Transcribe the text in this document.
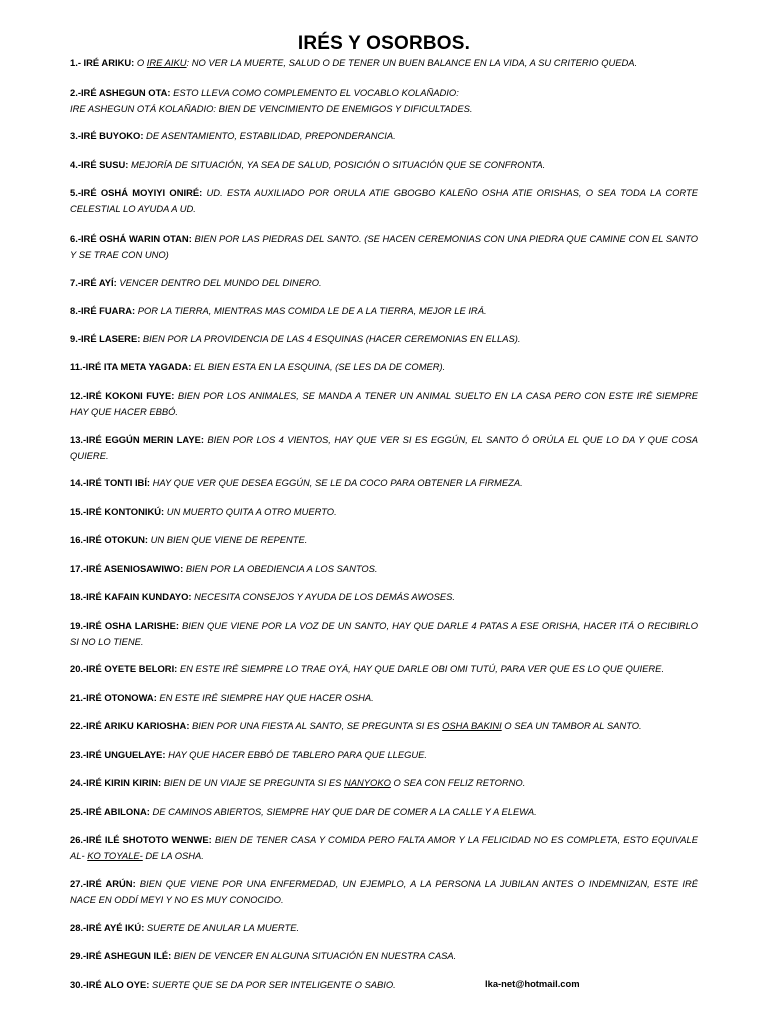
IRÉS Y OSORBOS.
1.- IRÉ ARIKU: O IRE AIKU: NO VER LA MUERTE, SALUD O DE TENER UN BUEN BALANCE EN LA VIDA, A SU CRITERIO QUEDA.
2.-IRÉ ASHEGUN OTA: ESTO LLEVA COMO COMPLEMENTO EL VOCABLO KOLAÑADIO:
IRE ASHEGUN OTÁ KOLAÑADIO: BIEN DE VENCIMIENTO DE ENEMIGOS Y DIFICULTADES.
3.-IRÉ BUYOKO: DE ASENTAMIENTO, ESTABILIDAD, PREPONDERANCIA.
4.-IRÉ SUSU: MEJORÍA DE SITUACIÓN, YA SEA DE SALUD, POSICIÓN O SITUACIÓN QUE SE CONFRONTA.
5.-IRÉ OSHÁ MOYIYI ONIRÉ: UD. ESTA AUXILIADO POR ORULA ATIE GBOGBO KALEÑO OSHA ATIE ORISHAS, O SEA TODA LA CORTE CELESTIAL LO AYUDA A UD.
6.-IRÉ OSHÁ WARIN OTAN: BIEN POR LAS PIEDRAS DEL SANTO. (SE HACEN CEREMONIAS CON UNA PIEDRA QUE CAMINE CON EL SANTO Y SE TRAE CON UNO)
7.-IRÉ AYÍ: VENCER DENTRO DEL MUNDO DEL DINERO.
8.-IRÉ FUARA: POR LA TIERRA, MIENTRAS MAS COMIDA LE DE A LA TIERRA, MEJOR LE IRÁ.
9.-IRÉ LASERE: BIEN POR LA PROVIDENCIA DE LAS 4 ESQUINAS (HACER CEREMONIAS EN ELLAS).
11.-IRÉ ITA META YAGADA: EL BIEN ESTA EN LA ESQUINA, (SE LES DA DE COMER).
12.-IRÉ KOKONI FUYE: BIEN POR LOS ANIMALES, SE MANDA A TENER UN ANIMAL SUELTO EN LA CASA PERO CON ESTE IRÉ SIEMPRE HAY QUE HACER EBBÓ.
13.-IRÉ EGGÚN MERIN LAYE: BIEN POR LOS 4 VIENTOS, HAY QUE VER SI ES EGGÚN, EL SANTO Ó ORÚLA EL QUE LO DA Y QUE COSA QUIERE.
14.-IRÉ TONTI IBÍ: HAY QUE VER QUE DESEA EGGÚN, SE LE DA COCO PARA OBTENER LA FIRMEZA.
15.-IRÉ KONTONIKÚ: UN MUERTO QUITA A OTRO MUERTO.
16.-IRÉ OTOKUN: UN BIEN QUE VIENE DE REPENTE.
17.-IRÉ ASENIOSAWIWO: BIEN POR LA OBEDIENCIA A LOS SANTOS.
18.-IRÉ KAFAIN KUNDAYO: NECESITA CONSEJOS Y AYUDA DE LOS DEMÁS AWOSES.
19.-IRÉ OSHA LARISHE: BIEN QUE VIENE POR LA VOZ DE UN SANTO, HAY QUE DARLE 4 PATAS A ESE ORISHA, HACER ITÁ O RECIBIRLO SI NO LO TIENE.
20.-IRÉ OYETE BELORI: EN ESTE IRÉ SIEMPRE LO TRAE OYÁ, HAY QUE DARLE OBI OMI TUTÚ, PARA VER QUE ES LO QUE QUIERE.
21.-IRÉ OTONOWA: EN ESTE IRÉ SIEMPRE HAY QUE HACER OSHA.
22.-IRÉ ARIKU KARIOSHA: BIEN POR UNA FIESTA AL SANTO, SE PREGUNTA SI ES OSHA BAKINI O SEA UN TAMBOR AL SANTO.
23.-IRÉ UNGUELAYE: HAY QUE HACER EBBÓ DE TABLERO PARA QUE LLEGUE.
24.-IRÉ KIRIN KIRIN: BIEN DE UN VIAJE SE PREGUNTA SI ES NANYOKO O SEA CON FELIZ RETORNO.
25.-IRÉ ABILONA: DE CAMINOS ABIERTOS, SIEMPRE HAY QUE DAR DE COMER A LA CALLE Y A ELEWA.
26.-IRÉ ILÉ SHOTOTO WENWE: BIEN DE TENER CASA Y COMIDA PERO FALTA AMOR Y LA FELICIDAD NO ES COMPLETA, ESTO EQUIVALE AL- KO TOYALE- DE LA OSHA.
27.-IRÉ ARÚN: BIEN QUE VIENE POR UNA ENFERMEDAD, UN EJEMPLO, A LA PERSONA LA JUBILAN ANTES O INDEMNIZAN, ESTE IRÉ NACE EN ODDÍ MEYI Y NO ES MUY CONOCIDO.
28.-IRÉ AYÉ IKÚ: SUERTE DE ANULAR LA MUERTE.
29.-IRÉ ASHEGUN ILÉ: BIEN DE VENCER EN ALGUNA SITUACIÓN EN NUESTRA CASA.
30.-IRÉ ALO OYE: SUERTE QUE SE DA POR SER INTELIGENTE O SABIO.	lka-net@hotmail.com
